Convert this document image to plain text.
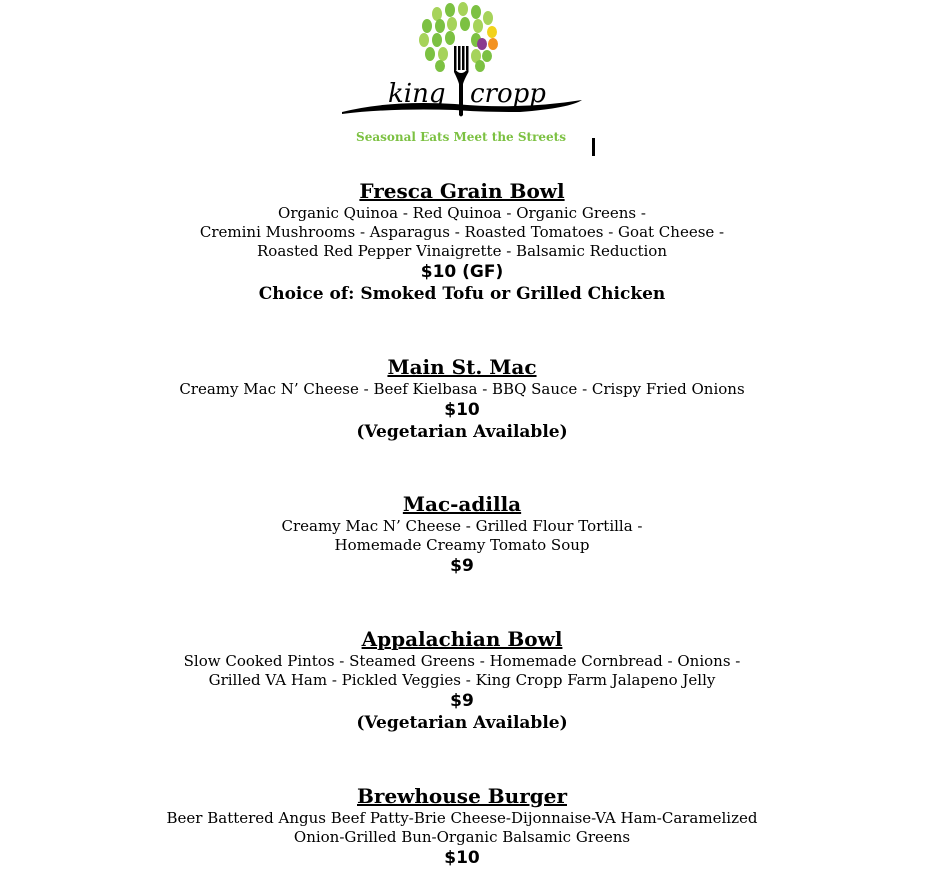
king cropp
Seasonal Eats Meet the Streets
Fresca Grain Bowl
Organic Quinoa - Red Quinoa - Organic Greens -
Cremini Mushrooms - Asparagus - Roasted Tomatoes - Goat Cheese -
Roasted Red Pepper Vinaigrette - Balsamic Reduction
$10 (GF)
Choice of: Smoked Tofu or Grilled Chicken
Main St. Mac
Creamy Mac N’ Cheese - Beef Kielbasa - BBQ Sauce - Crispy Fried Onions
$10
(Vegetarian Available)
Mac-adilla
Creamy Mac N’ Cheese - Grilled Flour Tortilla -
Homemade Creamy Tomato Soup
$9
Appalachian Bowl
Slow Cooked Pintos - Steamed Greens - Homemade Cornbread - Onions -
Grilled VA Ham - Pickled Veggies - King Cropp Farm Jalapeno Jelly
$9
(Vegetarian Available)
Brewhouse Burger
Beer Battered Angus Beef Patty-Brie Cheese-Dijonnaise-VA Ham-Caramelized
Onion-Grilled Bun-Organic Balsamic Greens
$10
